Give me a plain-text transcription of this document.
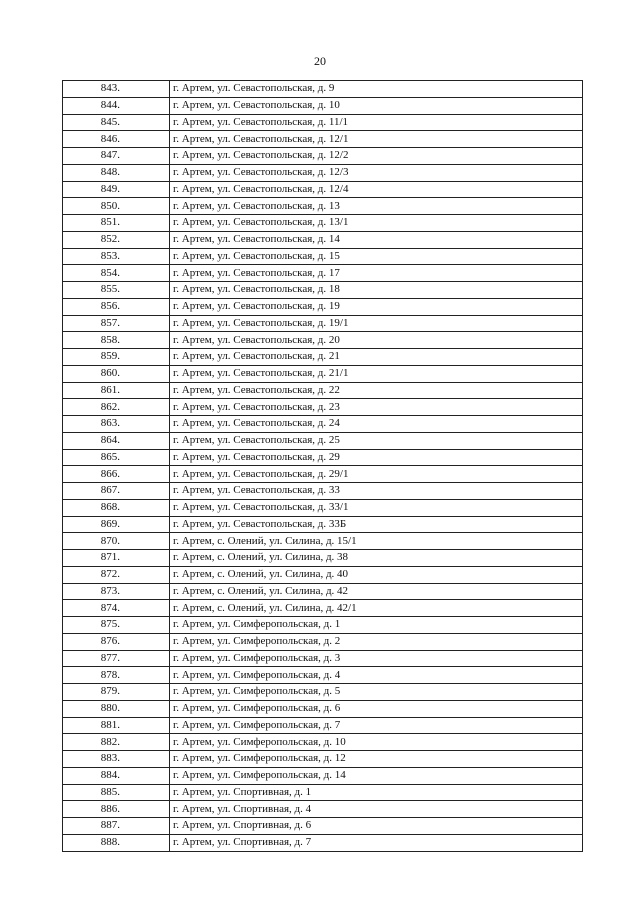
20
843.	г. Артем, ул. Севастопольская, д. 9
844.	г. Артем, ул. Севастопольская, д. 10
845.	г. Артем, ул. Севастопольская, д. 11/1
846.	г. Артем, ул. Севастопольская, д. 12/1
847.	г. Артем, ул. Севастопольская, д. 12/2
848.	г. Артем, ул. Севастопольская, д. 12/3
849.	г. Артем, ул. Севастопольская, д. 12/4
850.	г. Артем, ул. Севастопольская, д. 13
851.	г. Артем, ул. Севастопольская, д. 13/1
852.	г. Артем, ул. Севастопольская, д. 14
853.	г. Артем, ул. Севастопольская, д. 15
854.	г. Артем, ул. Севастопольская, д. 17
855.	г. Артем, ул. Севастопольская, д. 18
856.	г. Артем, ул. Севастопольская, д. 19
857.	г. Артем, ул. Севастопольская, д. 19/1
858.	г. Артем, ул. Севастопольская, д. 20
859.	г. Артем, ул. Севастопольская, д. 21
860.	г. Артем, ул. Севастопольская, д. 21/1
861.	г. Артем, ул. Севастопольская, д. 22
862.	г. Артем, ул. Севастопольская, д. 23
863.	г. Артем, ул. Севастопольская, д. 24
864.	г. Артем, ул. Севастопольская, д. 25
865.	г. Артем, ул. Севастопольская, д. 29
866.	г. Артем, ул. Севастопольская, д. 29/1
867.	г. Артем, ул. Севастопольская, д. 33
868.	г. Артем, ул. Севастопольская, д. 33/1
869.	г. Артем, ул. Севастопольская, д. 33Б
870.	г. Артем, с. Олений, ул. Силина, д. 15/1
871.	г. Артем, с. Олений, ул. Силина, д. 38
872.	г. Артем, с. Олений, ул. Силина, д. 40
873.	г. Артем, с. Олений, ул. Силина, д. 42
874.	г. Артем, с. Олений, ул. Силина, д. 42/1
875.	г. Артем, ул. Симферопольская, д. 1
876.	г. Артем, ул. Симферопольская, д. 2
877.	г. Артем, ул. Симферопольская, д. 3
878.	г. Артем, ул. Симферопольская, д. 4
879.	г. Артем, ул. Симферопольская, д. 5
880.	г. Артем, ул. Симферопольская, д. 6
881.	г. Артем, ул. Симферопольская, д. 7
882.	г. Артем, ул. Симферопольская, д. 10
883.	г. Артем, ул. Симферопольская, д. 12
884.	г. Артем, ул. Симферопольская, д. 14
885.	г. Артем, ул. Спортивная, д. 1
886.	г. Артем, ул. Спортивная, д. 4
887.	г. Артем, ул. Спортивная, д. 6
888.	г. Артем, ул. Спортивная, д. 7
